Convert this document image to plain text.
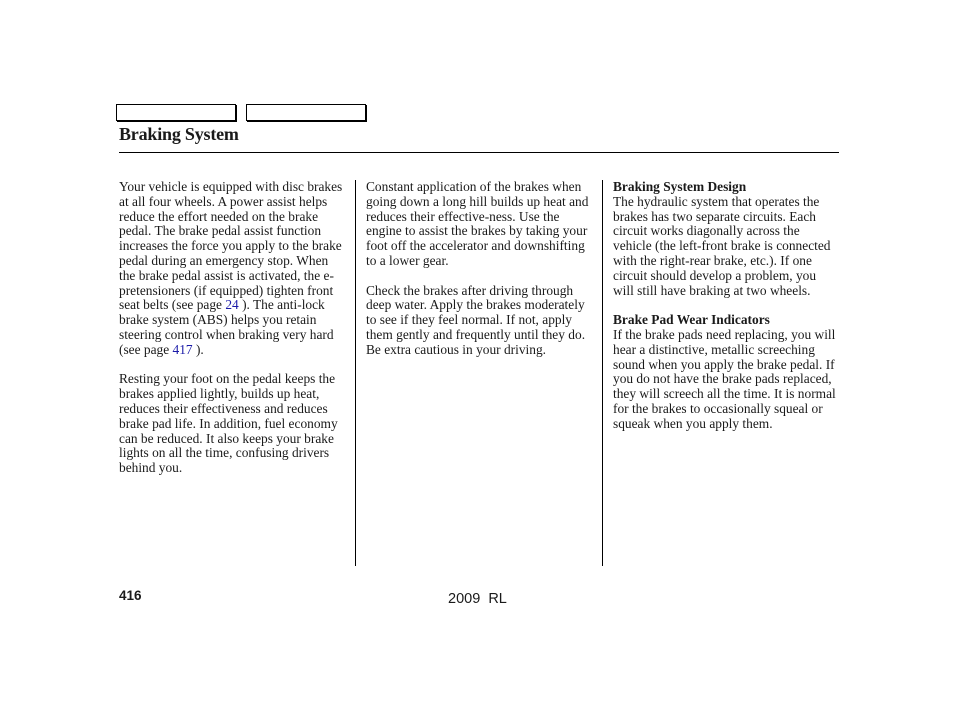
Braking System

Your vehicle is equipped with disc brakes at all four wheels. A power assist helps reduce the effort needed on the brake pedal. The brake pedal assist function increases the force you apply to the brake pedal during an emergency stop. When the brake pedal assist is activated, the e-pretensioners (if equipped) tighten front seat belts (see page 24 ). The anti-lock brake system (ABS) helps you retain steering control when braking very hard (see page 417 ).

Resting your foot on the pedal keeps the brakes applied lightly, builds up heat, reduces their effectiveness and reduces brake pad life. In addition, fuel economy can be reduced. It also keeps your brake lights on all the time, confusing drivers behind you.

Constant application of the brakes when going down a long hill builds up heat and reduces their effective-ness. Use the engine to assist the brakes by taking your foot off the accelerator and downshifting to a lower gear.

Check the brakes after driving through deep water. Apply the brakes moderately to see if they feel normal. If not, apply them gently and frequently until they do. Be extra cautious in your driving.

Braking System Design
The hydraulic system that operates the brakes has two separate circuits. Each circuit works diagonally across the vehicle (the left-front brake is connected with the right-rear brake, etc.). If one circuit should develop a problem, you will still have braking at two wheels.

Brake Pad Wear Indicators
If the brake pads need replacing, you will hear a distinctive, metallic screeching sound when you apply the brake pedal. If you do not have the brake pads replaced, they will screech all the time. It is normal for the brakes to occasionally squeal or squeak when you apply them.

416	2009  RL
